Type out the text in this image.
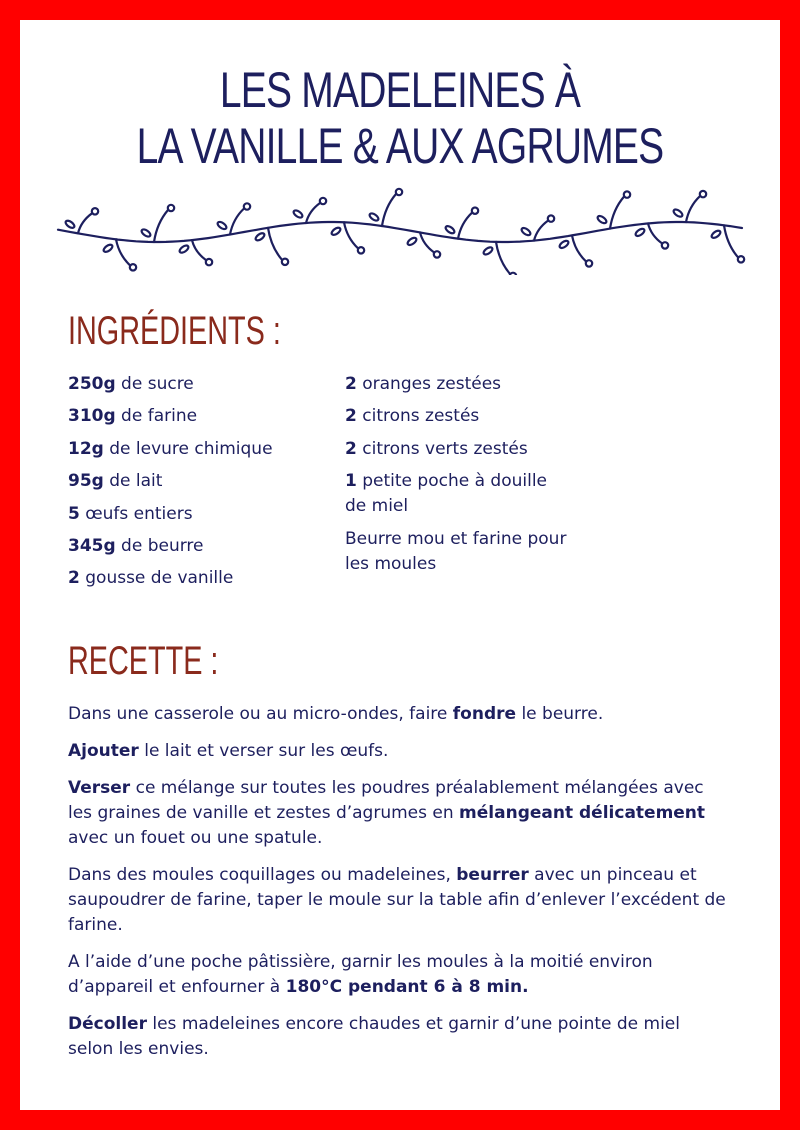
LES MADELEINES À
LA VANILLE & AUX AGRUMES
INGRÉDIENTS :
250g de sucre
310g de farine
12g de levure chimique
95g de lait
5 œufs entiers
345g de beurre
2 gousse de vanille
2 oranges zestées
2 citrons zestés
2 citrons verts zestés
1 petite poche à douille de miel
Beurre mou et farine pour les moules
RECETTE :

Dans une casserole ou au micro-ondes, faire fondre le beurre.

Ajouter le lait et verser sur les œufs.

Verser ce mélange sur toutes les poudres préalablement mélangées avec les graines de vanille et zestes d’agrumes en mélangeant délicatement avec un fouet ou une spatule.

Dans des moules coquillages ou madeleines, beurrer avec un pinceau et saupoudrer de farine, taper le moule sur la table afin d’enlever l’excédent de farine.

A l’aide d’une poche pâtissière, garnir les moules à la moitié environ d’appareil et enfourner à 180°C pendant 6 à 8 min.

Décoller les madeleines encore chaudes et garnir d’une pointe de miel selon les envies.
